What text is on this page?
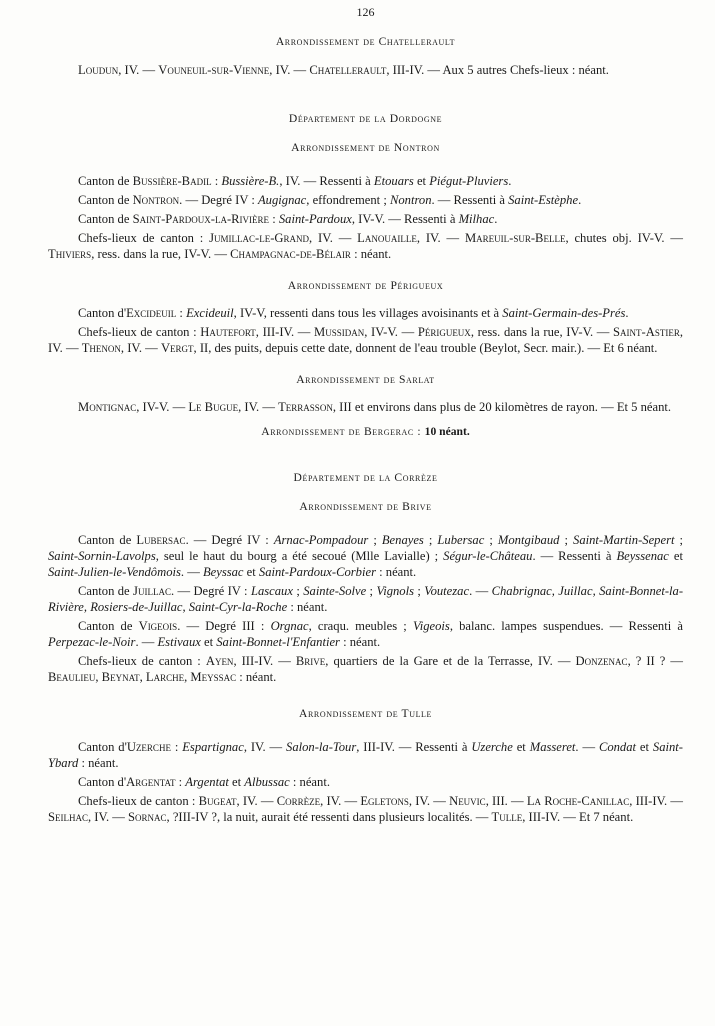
126
Arrondissement de Chatellerault

Loudun, IV. — Vouneuil-sur-Vienne, IV. — Chatellerault, III-IV. — Aux 5 autres Chefs-lieux : néant.

Département de la Dordogne
Arrondissement de Nontron

Canton de Bussière-Badil : Bussière-B., IV. — Ressenti à Etouars et Piégut-Pluviers.

Canton de Nontron. — Degré IV : Augignac, effondrement ; Nontron. — Ressenti à Saint-Estèphe.

Canton de Saint-Pardoux-la-Rivière : Saint-Pardoux, IV-V. — Ressenti à Milhac.

Chefs-lieux de canton : Jumillac-le-Grand, IV. — Lanouaille, IV. — Mareuil-sur-Belle, chutes obj. IV-V. — Thiviers, ress. dans la rue, IV-V. — Champagnac-de-Bélair : néant.

Arrondissement de Périgueux

Canton d'Excideuil : Excideuil, IV-V, ressenti dans tous les villages avoisinants et à Saint-Germain-des-Prés.

Chefs-lieux de canton : Hautefort, III-IV. — Mussidan, IV-V. — Périgueux, ress. dans la rue, IV-V. — Saint-Astier, IV. — Thenon, IV. — Vergt, II, des puits, depuis cette date, donnent de l'eau trouble (Beylot, Secr. mair.). — Et 6 néant.

Arrondissement de Sarlat

Montignac, IV-V. — Le Bugue, IV. — Terrasson, III et environs dans plus de 20 kilomètres de rayon. — Et 5 néant.

Arrondissement de Bergerac : 10 néant.
Département de la Corrèze
Arrondissement de Brive

Canton de Lubersac. — Degré IV : Arnac-Pompadour ; Benayes ; Lubersac ; Montgibaud ; Saint-Martin-Sepert ; Saint-Sornin-Lavolps, seul le haut du bourg a été secoué (Mlle Lavialle) ; Ségur-le-Château. — Ressenti à Beyssenac et Saint-Julien-le-Vendômois. — Beyssac et Saint-Pardoux-Corbier : néant.

Canton de Juillac. — Degré IV : Lascaux ; Sainte-Solve ; Vignols ; Voutezac. — Chabrignac, Juillac, Saint-Bonnet-la-Rivière, Rosiers-de-Juillac, Saint-Cyr-la-Roche : néant.

Canton de Vigeois. — Degré III : Orgnac, craqu. meubles ; Vigeois, balanc. lampes suspendues. — Ressenti à Perpezac-le-Noir. — Estivaux et Saint-Bonnet-l'Enfantier : néant.

Chefs-lieux de canton : Ayen, III-IV. — Brive, quartiers de la Gare et de la Terrasse, IV. — Donzenac, ? II ? — Beaulieu, Beynat, Larche, Meyssac : néant.

Arrondissement de Tulle

Canton d'Uzerche : Espartignac, IV. — Salon-la-Tour, III-IV. — Ressenti à Uzerche et Masseret. — Condat et Saint-Ybard : néant.

Canton d'Argentat : Argentat et Albussac : néant.

Chefs-lieux de canton : Bugeat, IV. — Corrèze, IV. — Egletons, IV. — Neuvic, III. — La Roche-Canillac, III-IV. — Seilhac, IV. — Sornac, ?III-IV ?, la nuit, aurait été ressenti dans plusieurs localités. — Tulle, III-IV. — Et 7 néant.
